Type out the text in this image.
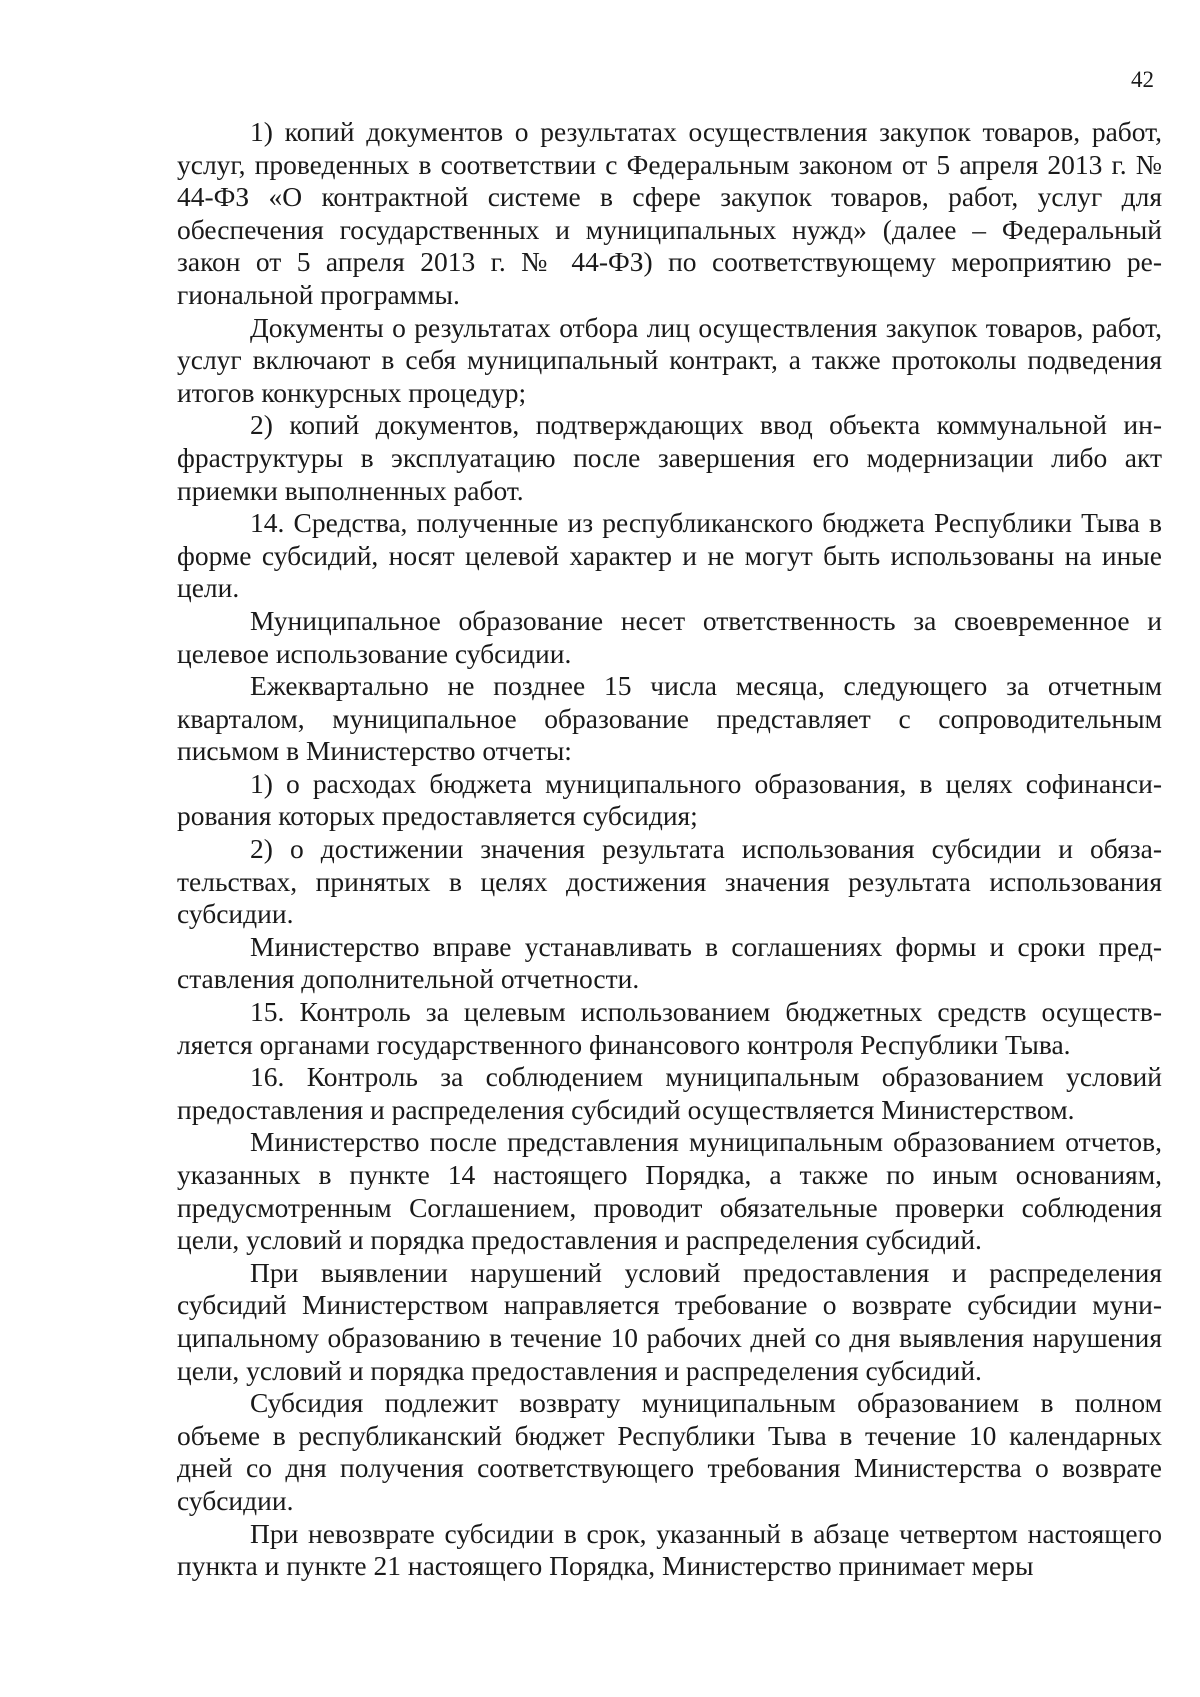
42

1) копий документов о результатах осуществления закупок товаров, работ, услуг, проведенных в соответствии с Федеральным законом от 5 апреля 2013 г. № 44-ФЗ «О контрактной системе в сфере закупок товаров, работ, услуг для обеспечения государственных и муниципальных нужд» (далее – Федеральный закон от 5 апреля 2013 г. № 44-ФЗ) по соответствующему мероприятию региональной программы.

Документы о результатах отбора лиц осуществления закупок товаров, работ, услуг включают в себя муниципальный контракт, а также протоколы подведения итогов конкурсных процедур;

2) копий документов, подтверждающих ввод объекта коммунальной инфраструктуры в эксплуатацию после завершения его модернизации либо акт приемки выполненных работ.

14. Средства, полученные из республиканского бюджета Республики Тыва в форме субсидий, носят целевой характер и не могут быть использованы на иные цели.

Муниципальное образование несет ответственность за своевременное и целевое использование субсидии.

Ежеквартально не позднее 15 числа месяца, следующего за отчетным кварталом, муниципальное образование представляет с сопроводительным письмом в Министерство отчеты:

1) о расходах бюджета муниципального образования, в целях софинансирования которых предоставляется субсидия;

2) о достижении значения результата использования субсидии и обязательствах, принятых в целях достижения значения результата использования субсидии.

Министерство вправе устанавливать в соглашениях формы и сроки представления дополнительной отчетности.

15. Контроль за целевым использованием бюджетных средств осуществляется органами государственного финансового контроля Республики Тыва.

16. Контроль за соблюдением муниципальным образованием условий предоставления и распределения субсидий осуществляется Министерством.

Министерство после представления муниципальным образованием отчетов, указанных в пункте 14 настоящего Порядка, а также по иным основаниям, предусмотренным Соглашением, проводит обязательные проверки соблюдения цели, условий и порядка предоставления и распределения субсидий.

При выявлении нарушений условий предоставления и распределения субсидий Министерством направляется требование о возврате субсидии муниципальному образованию в течение 10 рабочих дней со дня выявления нарушения цели, условий и порядка предоставления и распределения субсидий.

Субсидия подлежит возврату муниципальным образованием в полном объеме в республиканский бюджет Республики Тыва в течение 10 календарных дней со дня получения соответствующего требования Министерства о возврате субсидии.

При невозврате субсидии в срок, указанный в абзаце четвертом настоящего пункта и пункте 21 настоящего Порядка, Министерство принимает меры
